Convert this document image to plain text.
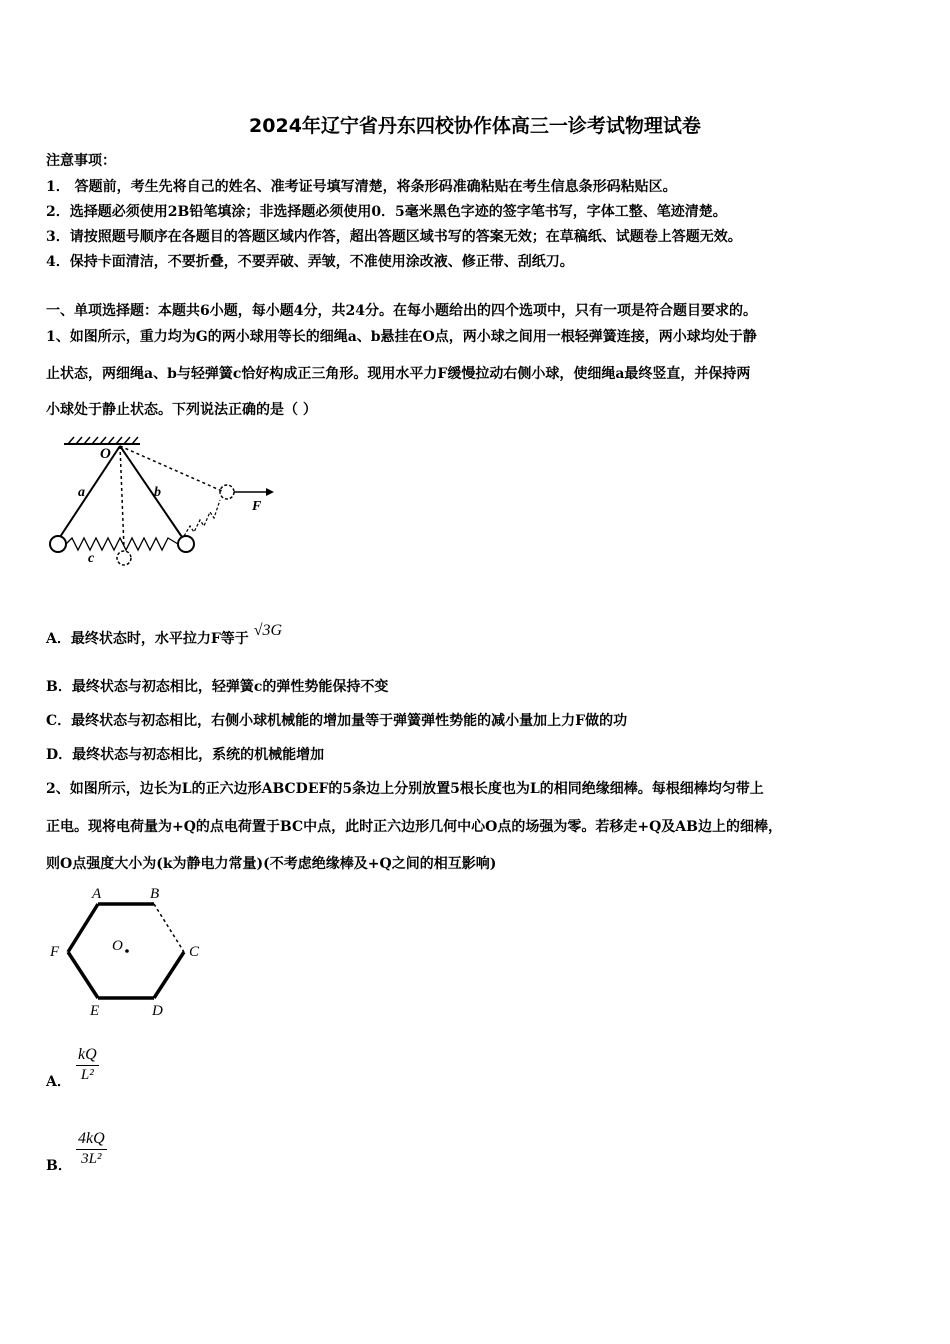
2024年辽宁省丹东四校协作体高三一诊考试物理试卷
注意事项：
1． 答题前，考生先将自己的姓名、准考证号填写清楚，将条形码准确粘贴在考生信息条形码粘贴区。
2．选择题必须使用2B铅笔填涂；非选择题必须使用0．5毫米黑色字迹的签字笔书写，字体工整、笔迹清楚。
3．请按照题号顺序在各题目的答题区域内作答，超出答题区域书写的答案无效；在草稿纸、试题卷上答题无效。
4．保持卡面清洁，不要折叠，不要弄破、弄皱，不准使用涂改液、修正带、刮纸刀。
一、单项选择题：本题共6小题，每小题4分，共24分。在每小题给出的四个选项中，只有一项是符合题目要求的。
1、如图所示，重力均为G的两小球用等长的细绳a、b悬挂在O点，两小球之间用一根轻弹簧连接，两小球均处于静
止状态，两细绳a、b与轻弹簧c恰好构成正三角形。现用水平力F缓慢拉动右侧小球，使细绳a最终竖直，并保持两
小球处于静止状态。下列说法正确的是（ ）
O
a	b
c
F
A．最终状态时，水平拉力F等于 √3G
B．最终状态与初态相比，轻弹簧c的弹性势能保持不变
C．最终状态与初态相比，右侧小球机械能的增加量等于弹簧弹性势能的减小量加上力F做的功
D．最终状态与初态相比，系统的机械能增加
2、如图所示，边长为L的正六边形ABCDEF的5条边上分别放置5根长度也为L的相同绝缘细棒。每根细棒均匀带上
正电。现将电荷量为+Q的点电荷置于BC中点，此时正六边形几何中心O点的场强为零。若移走+Q及AB边上的细棒，
则O点强度大小为(k为静电力常量)(不考虑绝缘棒及+Q之间的相互影响)
A	B
C
D
E
F	O
A．
kQ
L²
B．
4kQ
3L²
